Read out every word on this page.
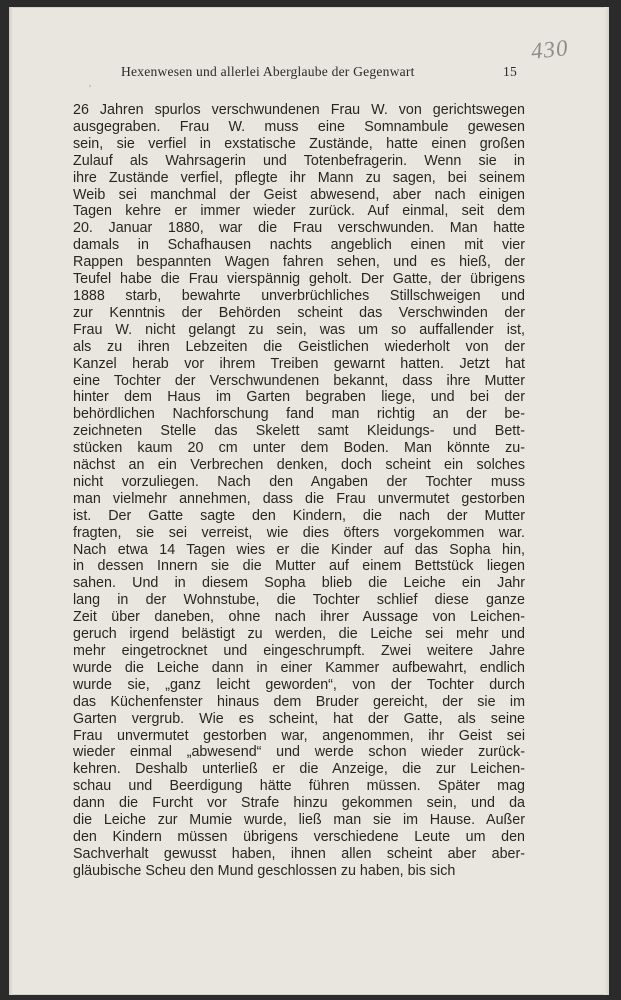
′
430
Hexenwesen und allerlei Aberglaube der Gegenwart	15
26 Jahren spurlos verschwundenen Frau W. von gerichtswegen
ausgegraben. Frau W. muss eine Somnambule gewesen
sein, sie verfiel in exstatische Zustände, hatte einen großen
Zulauf als Wahrsagerin und Totenbefragerin. Wenn sie in
ihre Zustände verfiel, pflegte ihr Mann zu sagen, bei seinem
Weib sei manchmal der Geist abwesend, aber nach einigen
Tagen kehre er immer wieder zurück. Auf einmal, seit dem
20. Januar 1880, war die Frau verschwunden. Man hatte
damals in Schafhausen nachts angeblich einen mit vier
Rappen bespannten Wagen fahren sehen, und es hieß, der
Teufel habe die Frau vierspännig geholt. Der Gatte, der übrigens
1888 starb, bewahrte unverbrüchliches Stillschweigen und
zur Kenntnis der Behörden scheint das Verschwinden der
Frau W. nicht gelangt zu sein, was um so auffallender ist,
als zu ihren Lebzeiten die Geistlichen wiederholt von der
Kanzel herab vor ihrem Treiben gewarnt hatten. Jetzt hat
eine Tochter der Verschwundenen bekannt, dass ihre Mutter
hinter dem Haus im Garten begraben liege, und bei der
behördlichen Nachforschung fand man richtig an der be-
zeichneten Stelle das Skelett samt Kleidungs- und Bett-
stücken kaum 20 cm unter dem Boden. Man könnte zu-
nächst an ein Verbrechen denken, doch scheint ein solches
nicht vorzuliegen. Nach den Angaben der Tochter muss
man vielmehr annehmen, dass die Frau unvermutet gestorben
ist. Der Gatte sagte den Kindern, die nach der Mutter
fragten, sie sei verreist, wie dies öfters vorgekommen war.
Nach etwa 14 Tagen wies er die Kinder auf das Sopha hin,
in dessen Innern sie die Mutter auf einem Bettstück liegen
sahen. Und in diesem Sopha blieb die Leiche ein Jahr
lang in der Wohnstube, die Tochter schlief diese ganze
Zeit über daneben, ohne nach ihrer Aussage von Leichen-
geruch irgend belästigt zu werden, die Leiche sei mehr und
mehr eingetrocknet und eingeschrumpft. Zwei weitere Jahre
wurde die Leiche dann in einer Kammer aufbewahrt, endlich
wurde sie, „ganz leicht geworden“, von der Tochter durch
das Küchenfenster hinaus dem Bruder gereicht, der sie im
Garten vergrub. Wie es scheint, hat der Gatte, als seine
Frau unvermutet gestorben war, angenommen, ihr Geist sei
wieder einmal „abwesend“ und werde schon wieder zurück-
kehren. Deshalb unterließ er die Anzeige, die zur Leichen-
schau und Beerdigung hätte führen müssen. Später mag
dann die Furcht vor Strafe hinzu gekommen sein, und da
die Leiche zur Mumie wurde, ließ man sie im Hause. Außer
den Kindern müssen übrigens verschiedene Leute um den
Sachverhalt gewusst haben, ihnen allen scheint aber aber-
gläubische Scheu den Mund geschlossen zu haben, bis sich
